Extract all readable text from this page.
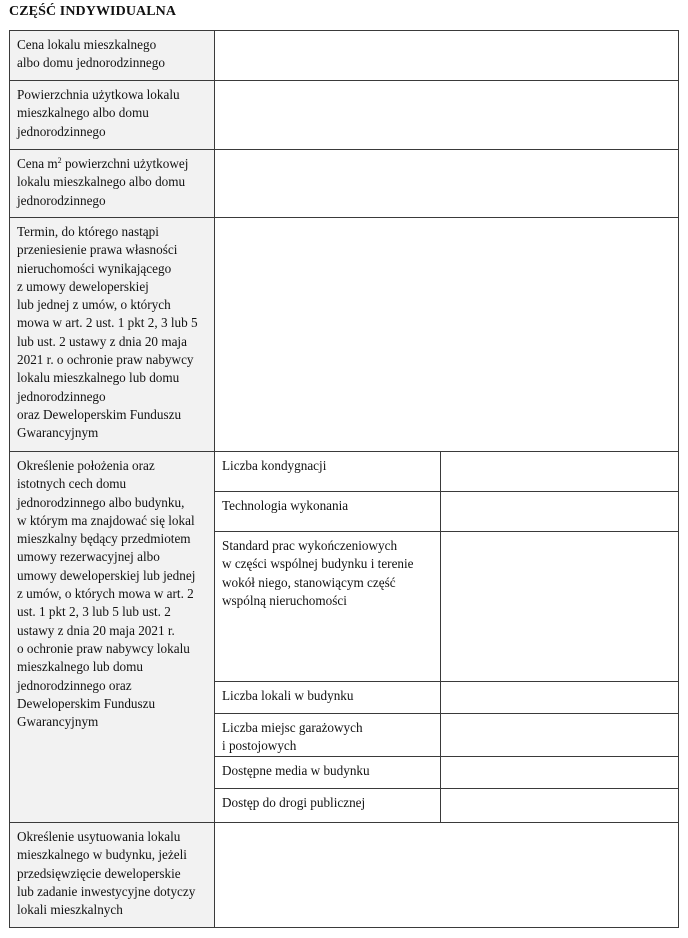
CZĘŚĆ INDYWIDUALNA
Cena lokalu mieszkalnego
albo domu jednorodzinnego
Powierzchnia użytkowa lokalu
mieszkalnego albo domu
jednorodzinnego
Cena $m^2$ powierzchni użytkowej
lokalu mieszkalnego albo domu
jednorodzinnego
Termin, do którego nastąpi
przeniesienie prawa własności
nieruchomości wynikającego
z umowy deweloperskiej
lub jednej z umów, o których
mowa w art. 2 ust. 1 pkt 2, 3 lub 5
lub ust. 2 ustawy z dnia 20 maja
2021 r. o ochronie praw nabywcy
lokalu mieszkalnego lub domu
jednorodzinnego
oraz Deweloperskim Funduszu
Gwarancyjnym
Określenie położenia oraz
istotnych cech domu
jednorodzinnego albo budynku,
w którym ma znajdować się lokal
mieszkalny będący przedmiotem
umowy rezerwacyjnej albo
umowy deweloperskiej lub jednej
z umów, o których mowa w art. 2
ust. 1 pkt 2, 3 lub 5 lub ust. 2
ustawy z dnia 20 maja 2021 r.
o ochronie praw nabywcy lokalu
mieszkalnego lub domu
jednorodzinnego oraz
Deweloperskim Funduszu
Gwarancyjnym
Określenie usytuowania lokalu
mieszkalnego w budynku, jeżeli
przedsięwzięcie deweloperskie
lub zadanie inwestycyjne dotyczy
lokali mieszkalnych
Liczba kondygnacji
Technologia wykonania
Standard prac wykończeniowych
w części wspólnej budynku i terenie
wokół niego, stanowiącym część
wspólną nieruchomości
Liczba lokali w budynku
Liczba miejsc garażowych
i postojowych
Dostępne media w budynku
Dostęp do drogi publicznej
